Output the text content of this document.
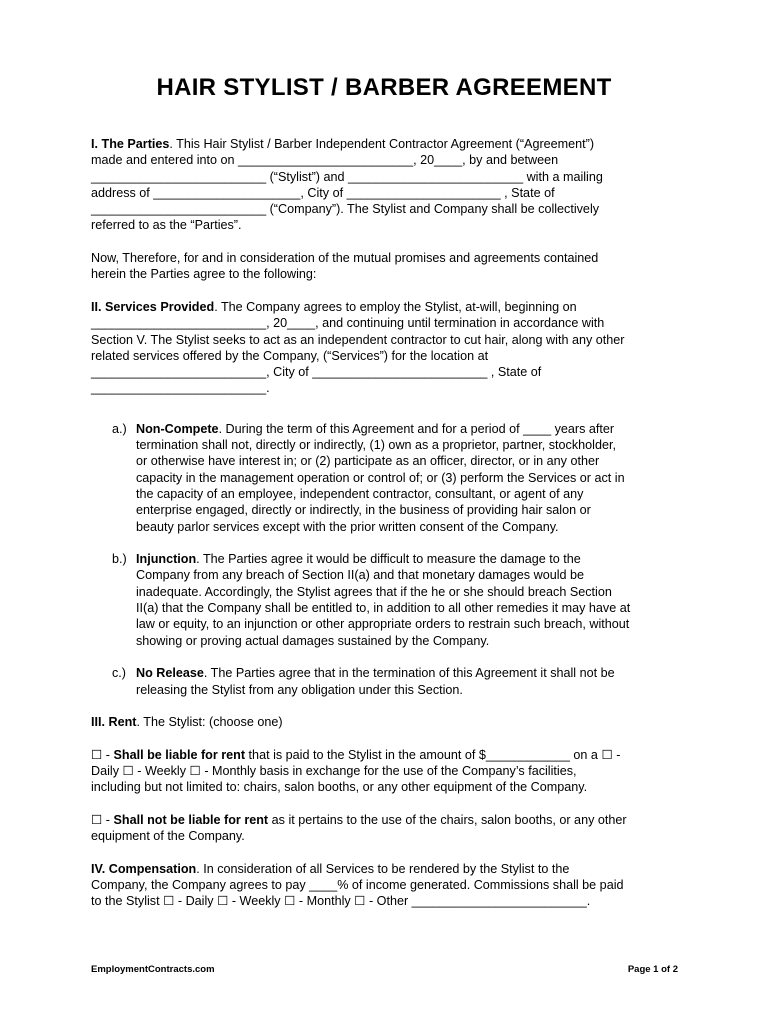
HAIR STYLIST / BARBER AGREEMENT

I. The Parties. This Hair Stylist / Barber Independent Contractor Agreement (“Agreement”)
made and entered into on _________________________, 20____, by and between
_________________________ (“Stylist”) and _________________________ with a mailing
address of _____________________, City of ______________________ , State of
_________________________ (“Company”). The Stylist and Company shall be collectively
referred to as the “Parties”.

Now, Therefore, for and in consideration of the mutual promises and agreements contained
herein the Parties agree to the following:

II. Services Provided. The Company agrees to employ the Stylist, at-will, beginning on
_________________________, 20____, and continuing until termination in accordance with
Section V. The Stylist seeks to act as an independent contractor to cut hair, along with any other
related services offered by the Company, (“Services”) for the location at
_________________________, City of _________________________ , State of
_________________________.

a.) Non-Compete. During the term of this Agreement and for a period of ____ years after
termination shall not, directly or indirectly, (1) own as a proprietor, partner, stockholder,
or otherwise have interest in; or (2) participate as an officer, director, or in any other
capacity in the management operation or control of; or (3) perform the Services or act in
the capacity of an employee, independent contractor, consultant, or agent of any
enterprise engaged, directly or indirectly, in the business of providing hair salon or
beauty parlor services except with the prior written consent of the Company.
b.) Injunction. The Parties agree it would be difficult to measure the damage to the
Company from any breach of Section II(a) and that monetary damages would be
inadequate. Accordingly, the Stylist agrees that if the he or she should breach Section
II(a) that the Company shall be entitled to, in addition to all other remedies it may have at
law or equity, to an injunction or other appropriate orders to restrain such breach, without
showing or proving actual damages sustained by the Company.
c.) No Release. The Parties agree that in the termination of this Agreement it shall not be
releasing the Stylist from any obligation under this Section.

III. Rent. The Stylist: (choose one)

☐ - Shall be liable for rent that is paid to the Stylist in the amount of $____________ on a ☐ -
Daily ☐ - Weekly ☐ - Monthly basis in exchange for the use of the Company’s facilities,
including but not limited to: chairs, salon booths, or any other equipment of the Company.

☐ - Shall not be liable for rent as it pertains to the use of the chairs, salon booths, or any other
equipment of the Company.

IV. Compensation. In consideration of all Services to be rendered by the Stylist to the
Company, the Company agrees to pay ____% of income generated. Commissions shall be paid
to the Stylist ☐ - Daily ☐ - Weekly ☐ - Monthly ☐ - Other _________________________.

EmploymentContracts.com	Page 1 of 2
